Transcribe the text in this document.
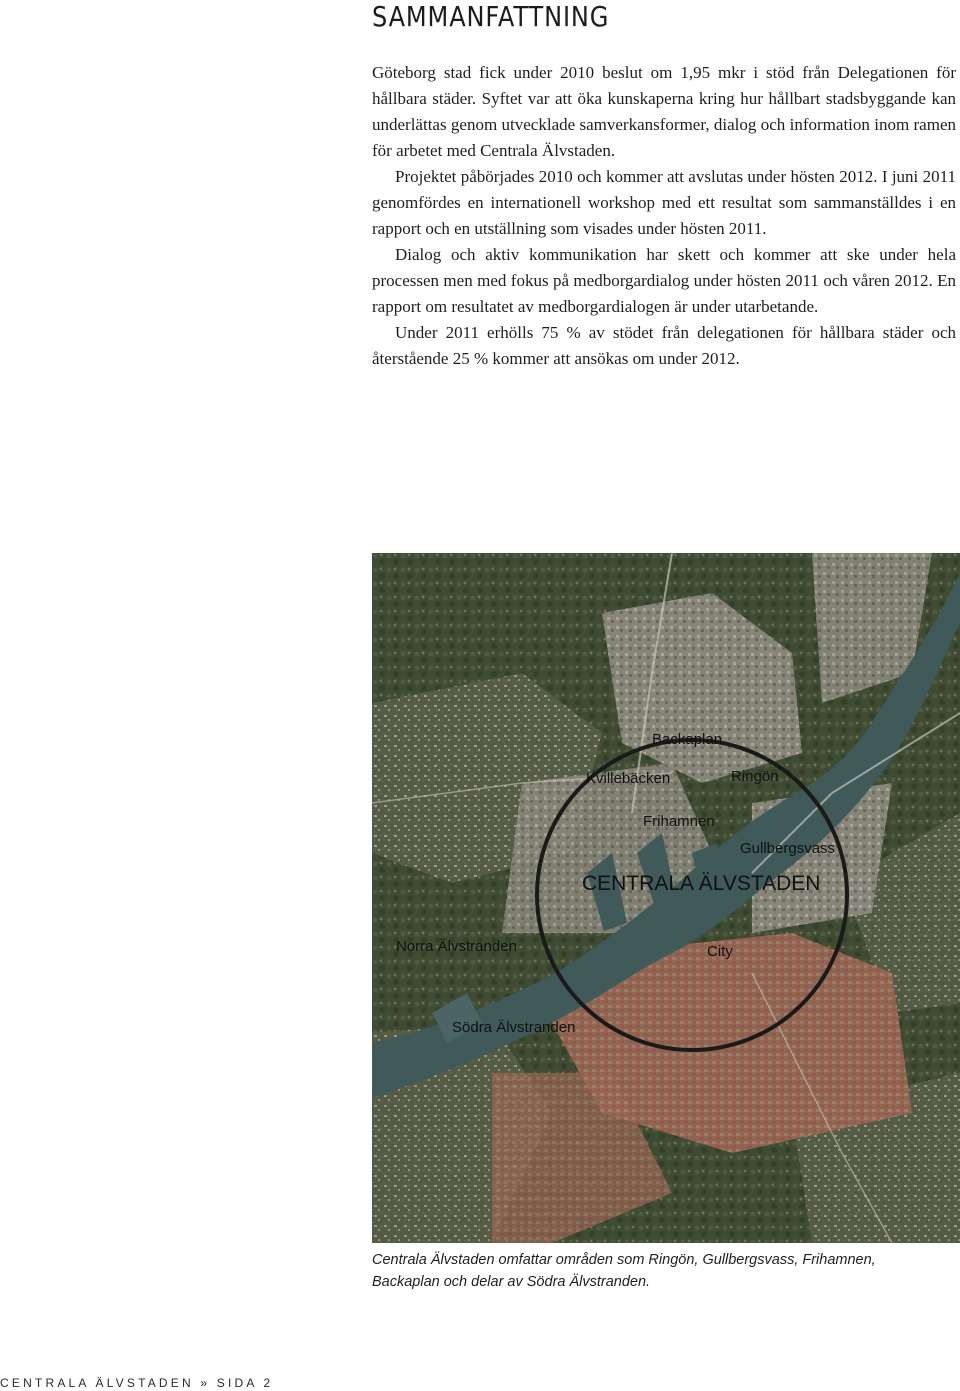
SAMMANFATTNING

Göteborg stad fick under 2010 beslut om 1,95 mkr i stöd från Delegationen för hållbara städer. Syftet var att öka kunskaperna kring hur hållbart stadsbyggande kan underlättas genom utvecklade samverkansformer, dialog och information inom ramen för arbetet med Centrala Älvstaden.

Projektet påbörjades 2010 och kommer att avslutas under hösten 2012. I juni 2011 genomfördes en internationell workshop med ett resultat som sammanställdes i en rapport och en utställning som visades under hösten 2011.

Dialog och aktiv kommunikation har skett och kommer att ske under hela processen men med fokus på medborgardialog under hösten 2011 och våren 2012. En rapport om resultatet av medborgardialogen är under utarbetande.

Under 2011 erhölls 75 % av stödet från delegationen för hållbara städer och återstående 25 % kommer att ansökas om under 2012.

Backaplan
Kvillebäcken	Ringön
Frihamnen
Gullbergsvass
CENTRALA ÄLVSTADEN
Norra Älvstranden	City
Södra Älvstranden

Centrala Älvstaden omfattar områden som Ringön, Gullbergsvass, Frihamnen, Backaplan och delar av Södra Älvstranden.

CENTRALA ÄLVSTADEN » SIDA 2
